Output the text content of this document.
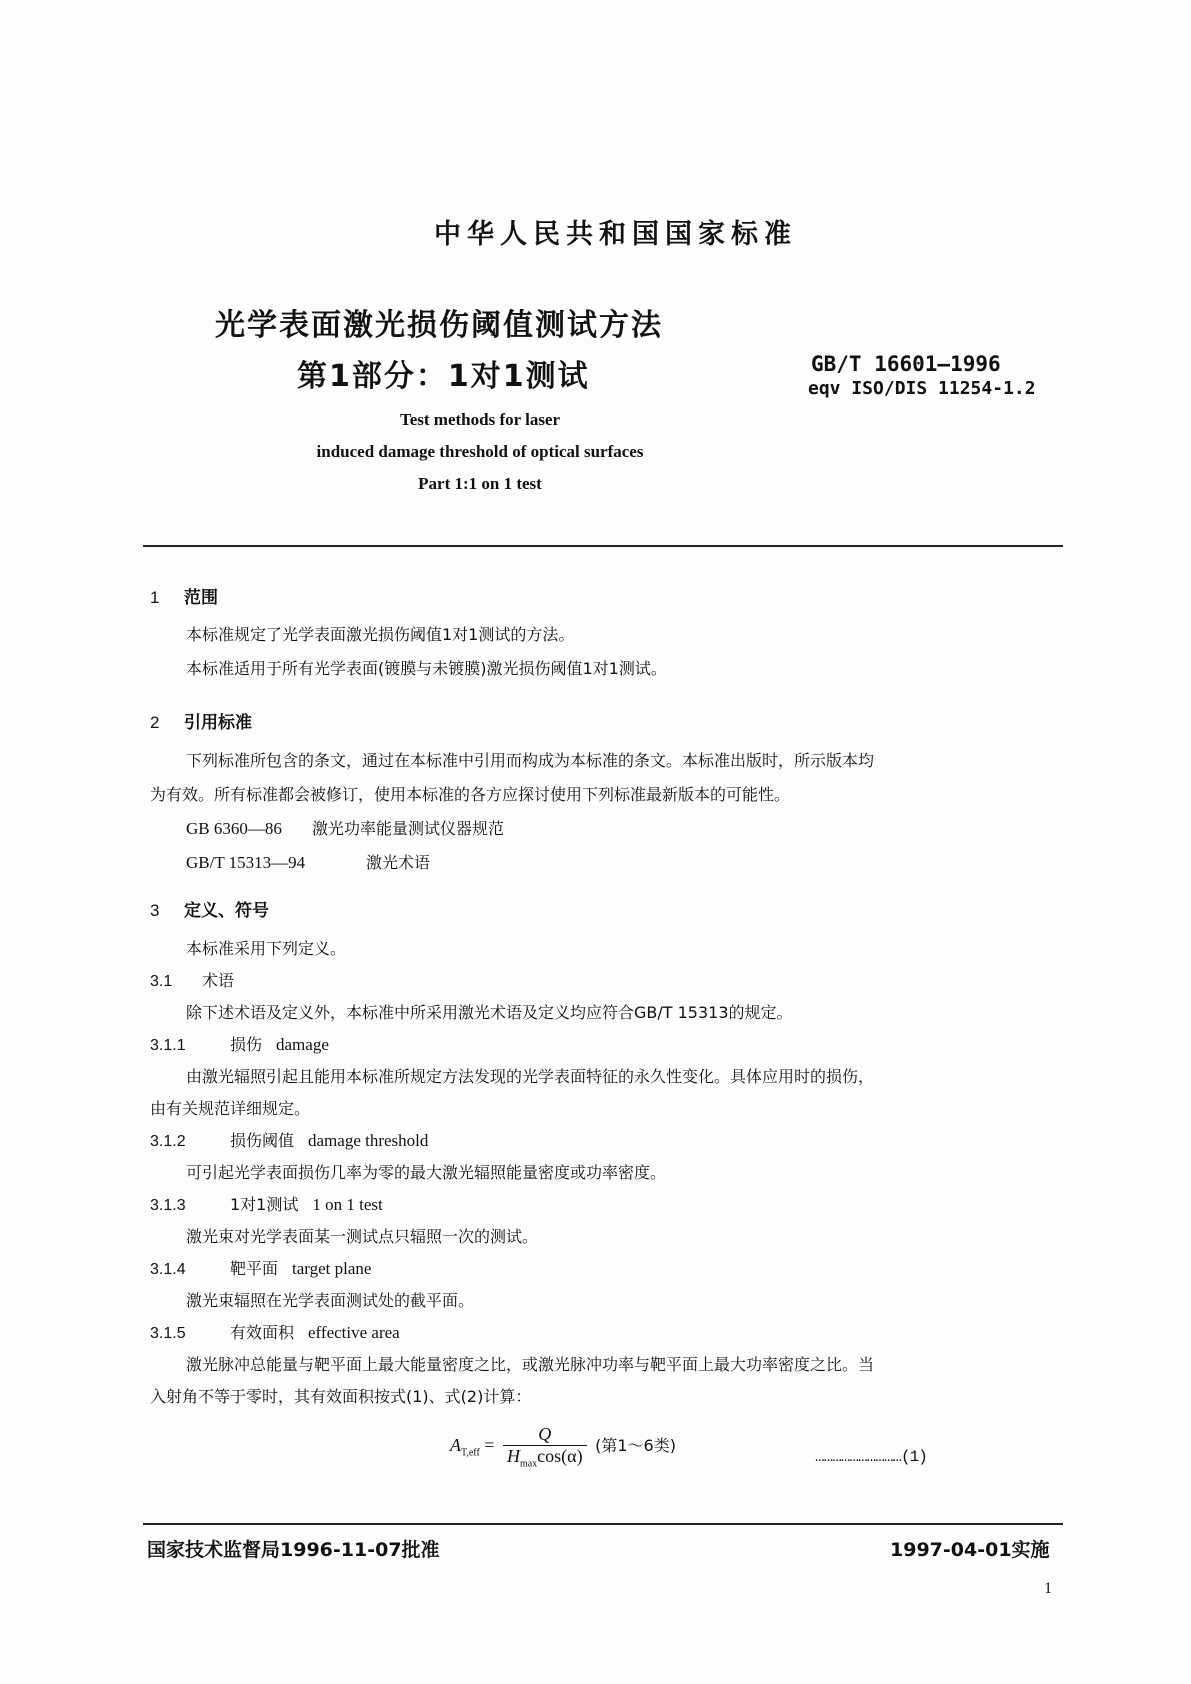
中华人民共和国国家标准
光学表面激光损伤阈值测试方法
第1部分：1对1测试	GB/T 16601—1996
eqv ISO/DIS 11254-1.2
Test methods for laser
induced damage threshold of optical surfaces
Part 1:1 on 1 test
1 范围
本标准规定了光学表面激光损伤阈值1对1测试的方法。
本标准适用于所有光学表面(镀膜与未镀膜)激光损伤阈值1对1测试。
2 引用标准
下列标准所包含的条文，通过在本标准中引用而构成为本标准的条文。本标准出版时，所示版本均
为有效。所有标准都会被修订，使用本标准的各方应探讨使用下列标准最新版本的可能性。
GB 6360—86 激光功率能量测试仪器规范
GB/T 15313—94	激光术语
3 定义、符号
本标准采用下列定义。
3.1 术语
除下述术语及定义外，本标准中所采用激光术语及定义均应符合GB/T 15313的规定。
3.1.1	损伤 damage
由激光辐照引起且能用本标准所规定方法发现的光学表面特征的永久性变化。具体应用时的损伤，
由有关规范详细规定。
3.1.2	损伤阈值 damage threshold
可引起光学表面损伤几率为零的最大激光辐照能量密度或功率密度。
3.1.3	1对1测试 1 on 1 test
激光束对光学表面某一测试点只辐照一次的测试。
3.1.4	靶平面 target plane
激光束辐照在光学表面测试处的截平面。
3.1.5	有效面积 effective area
激光脉冲总能量与靶平面上最大能量密度之比，或激光脉冲功率与靶平面上最大功率密度之比。当
入射角不等于零时，其有效面积按式(1)、式(2)计算：
$A_{T,eff} = \frac{Q}{H_{max}\cos(\alpha)}$ (第1～6类)
…………………………(1)
国家技术监督局1996-11-07批准	1997-04-01实施
1
